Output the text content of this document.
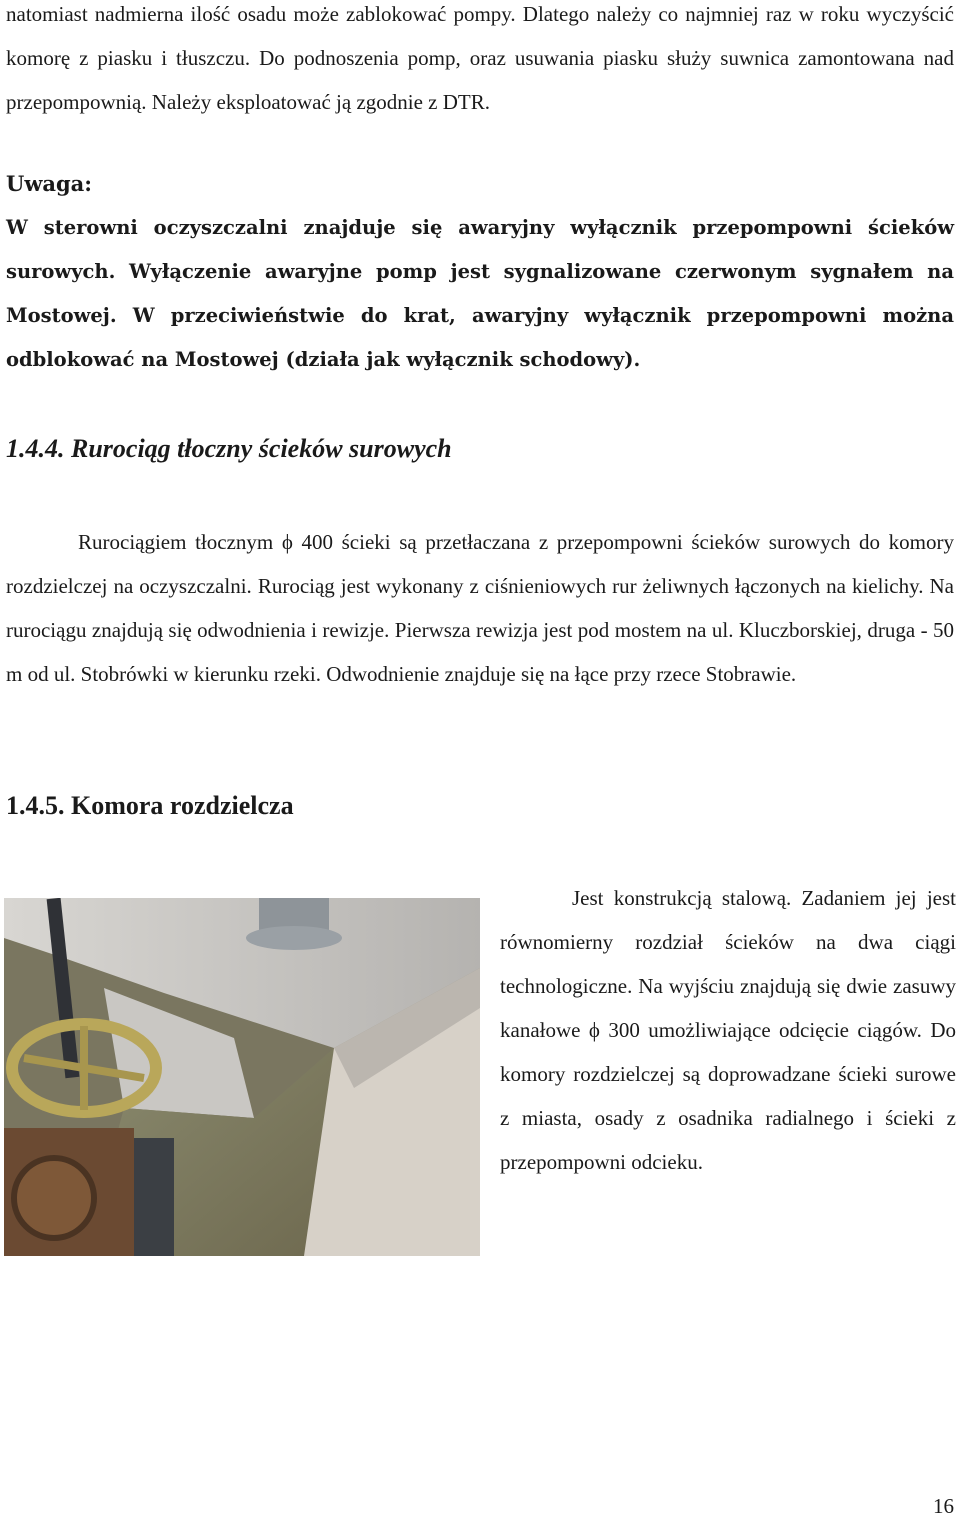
natomiast nadmierna ilość osadu może zablokować pompy. Dlatego należy co najmniej raz w roku wyczyścić komorę z piasku i tłuszczu. Do podnoszenia pomp, oraz usuwania piasku służy suwnica zamontowana nad przepompownią. Należy eksploatować ją zgodnie z DTR.
Uwaga:
W sterowni oczyszczalni znajduje się awaryjny wyłącznik przepompowni ścieków surowych. Wyłączenie awaryjne pomp jest sygnalizowane czerwonym sygnałem na Mostowej. W przeciwieństwie do krat, awaryjny wyłącznik przepompowni można odblokować na Mostowej (działa jak wyłącznik schodowy).
1.4.4. Rurociąg tłoczny ścieków surowych
Rurociągiem tłocznym ϕ 400 ścieki są przetłaczana z przepompowni ścieków surowych do komory rozdzielczej na oczyszczalni. Rurociąg jest wykonany z ciśnieniowych rur żeliwnych łączonych na kielichy. Na rurociągu znajdują się odwodnienia i rewizje. Pierwsza rewizja jest pod mostem na ul. Kluczborskiej, druga - 50 m od ul. Stobrówki w kierunku rzeki. Odwodnienie znajduje się na łące przy rzece Stobrawie.
1.4.5. Komora rozdzielcza
Jest konstrukcją stalową. Zadaniem jej jest równomierny rozdział ścieków na dwa ciągi technologiczne. Na wyjściu znajdują się dwie zasuwy kanałowe ϕ 300 umożliwiające odcięcie ciągów. Do komory rozdzielczej są doprowadzane ścieki surowe z miasta, osady z osadnika radialnego i ścieki z przepompowni odcieku.
16
